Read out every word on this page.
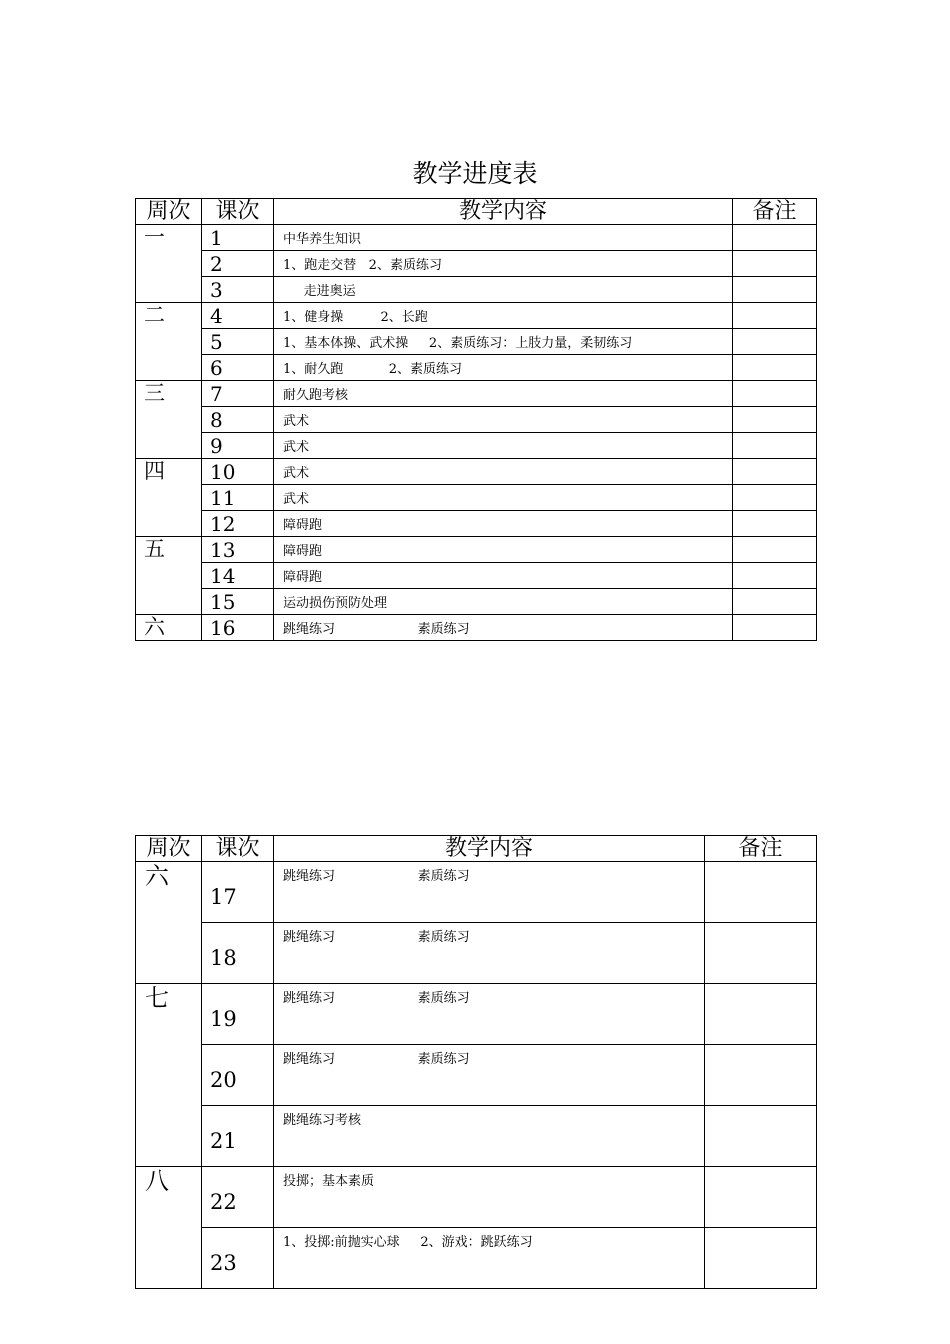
教学进度表
周次	课次	教学内容	备注
一	1	中华养生知识	
	2	1、跑走交替   2、素质练习	
	3	走进奥运	
二	4	1、健身操         2、长跑	
	5	1、基本体操、武术操     2、素质练习：上肢力量，柔韧练习	
	6	1、耐久跑           2、素质练习	
三	7	耐久跑考核	
	8	武术	
	9	武术	
四	10	武术	
	11	武术	
	12	障碍跑	
五	13	障碍跑	
	14	障碍跑	
	15	运动损伤预防处理	
六	16	跳绳练习                    素质练习	
周次	课次	教学内容	备注
六	17	跳绳练习                    素质练习	
	18	跳绳练习                    素质练习	
七	19	跳绳练习                    素质练习	
	20	跳绳练习                    素质练习	
	21	跳绳练习考核	
八	22	投掷；基本素质	
	23	1、投掷:前抛实心球     2、游戏：跳跃练习	
